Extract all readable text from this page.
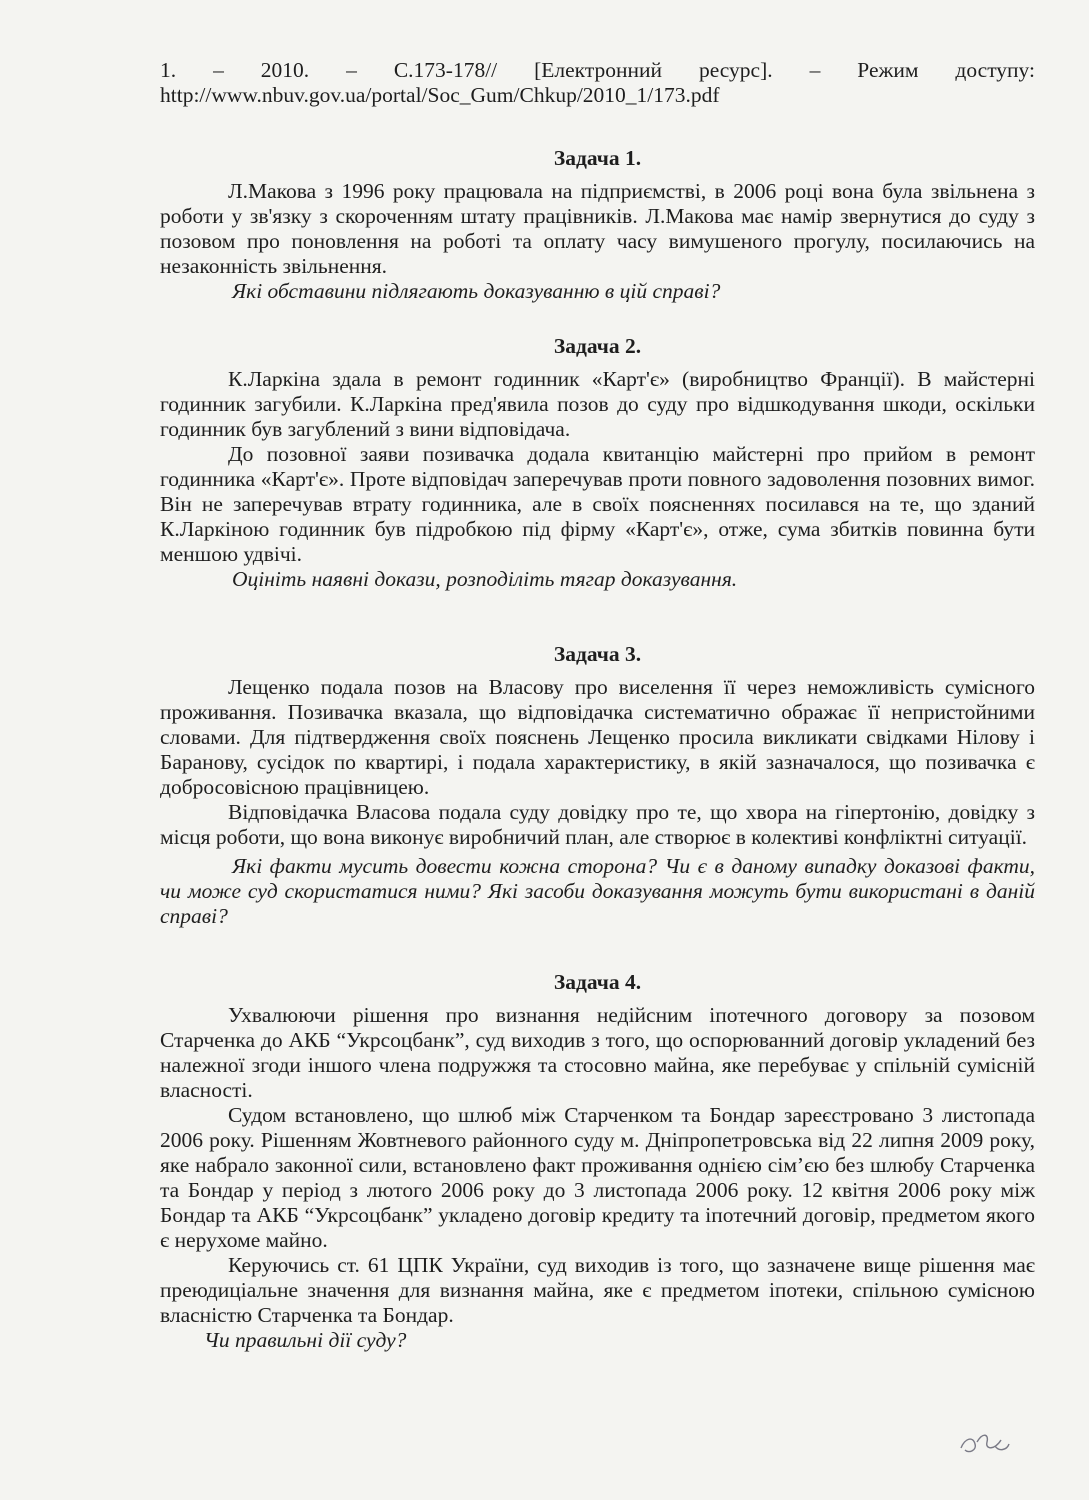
1. – 2010. – С.173-178// [Електронний ресурс]. – Режим доступу:

http://www.nbuv.gov.ua/portal/Soc_Gum/Chkup/2010_1/173.pdf

Задача 1.

Л.Макова з 1996 року працювала на підприємстві, в 2006 році вона була звільнена з роботи у зв'язку з скороченням штату працівників. Л.Макова має намір звернутися до суду з позовом про поновлення на роботі та оплату часу вимушеного прогулу, посилаючись на незаконність звільнення.

Які обставини підлягають доказуванню в цій справі?

Задача 2.

К.Ларкіна здала в ремонт годинник «Карт'є» (виробництво Франції). В майстерні годинник загубили. К.Ларкіна пред'явила позов до суду про відшкодування шкоди, оскільки годинник був загублений з вини відповідача.

До позовної заяви позивачка додала квитанцію майстерні про прийом в ремонт годинника «Карт'є». Проте відповідач заперечував проти повного задоволення позовних вимог. Він не заперечував втрату годинника, але в своїх поясненнях посилався на те, що зданий К.Ларкіною годинник був підробкою під фірму «Карт'є», отже, сума збитків повинна бути меншою удвічі.

Оцініть наявні докази, розподіліть тягар доказування.

Задача 3.

Лещенко подала позов на Власову про виселення її через неможливість сумісного проживання. Позивачка вказала, що відповідачка систематично ображає її непристойними словами. Для підтвердження своїх пояснень Лещенко просила викликати свідками Нілову і Баранову, сусідок по квартирі, і подала характеристику, в якій зазначалося, що позивачка є добросовісною працівницею.

Відповідачка Власова подала суду довідку про те, що хвора на гіпертонію, довідку з місця роботи, що вона виконує виробничий план, але створює в колективі конфліктні ситуації.

Які факти мусить довести кожна сторона? Чи є в даному випадку доказові факти, чи може суд скористатися ними? Які засоби доказування можуть бути використані в даній справі?

Задача 4.

Ухвалюючи рішення про визнання недійсним іпотечного договору за позовом Старченка до АКБ “Укрсоцбанк”, суд виходив з того, що оспорюванний договір укладений без належної згоди іншого члена подружжя та стосовно майна, яке перебуває у спільній сумісній власності.

Судом встановлено, що шлюб між Старченком та Бондар зареєстровано 3 листопада 2006 року. Рішенням Жовтневого районного суду м. Дніпропетровська від 22 липня 2009 року, яке набрало законної сили, встановлено факт проживання однією сім’єю без шлюбу Старченка та Бондар у період з лютого 2006 року до 3 листопада 2006 року. 12 квітня 2006 року між Бондар та АКБ “Укрсоцбанк” укладено договір кредиту та іпотечний договір, предметом якого є нерухоме майно.

Керуючись ст. 61 ЦПК України, суд виходив із того, що зазначене вище рішення має преюдиціальне значення для визнання майна, яке є предметом іпотеки, спільною сумісною власністю Старченка та Бондар.

Чи правильні дії суду?
